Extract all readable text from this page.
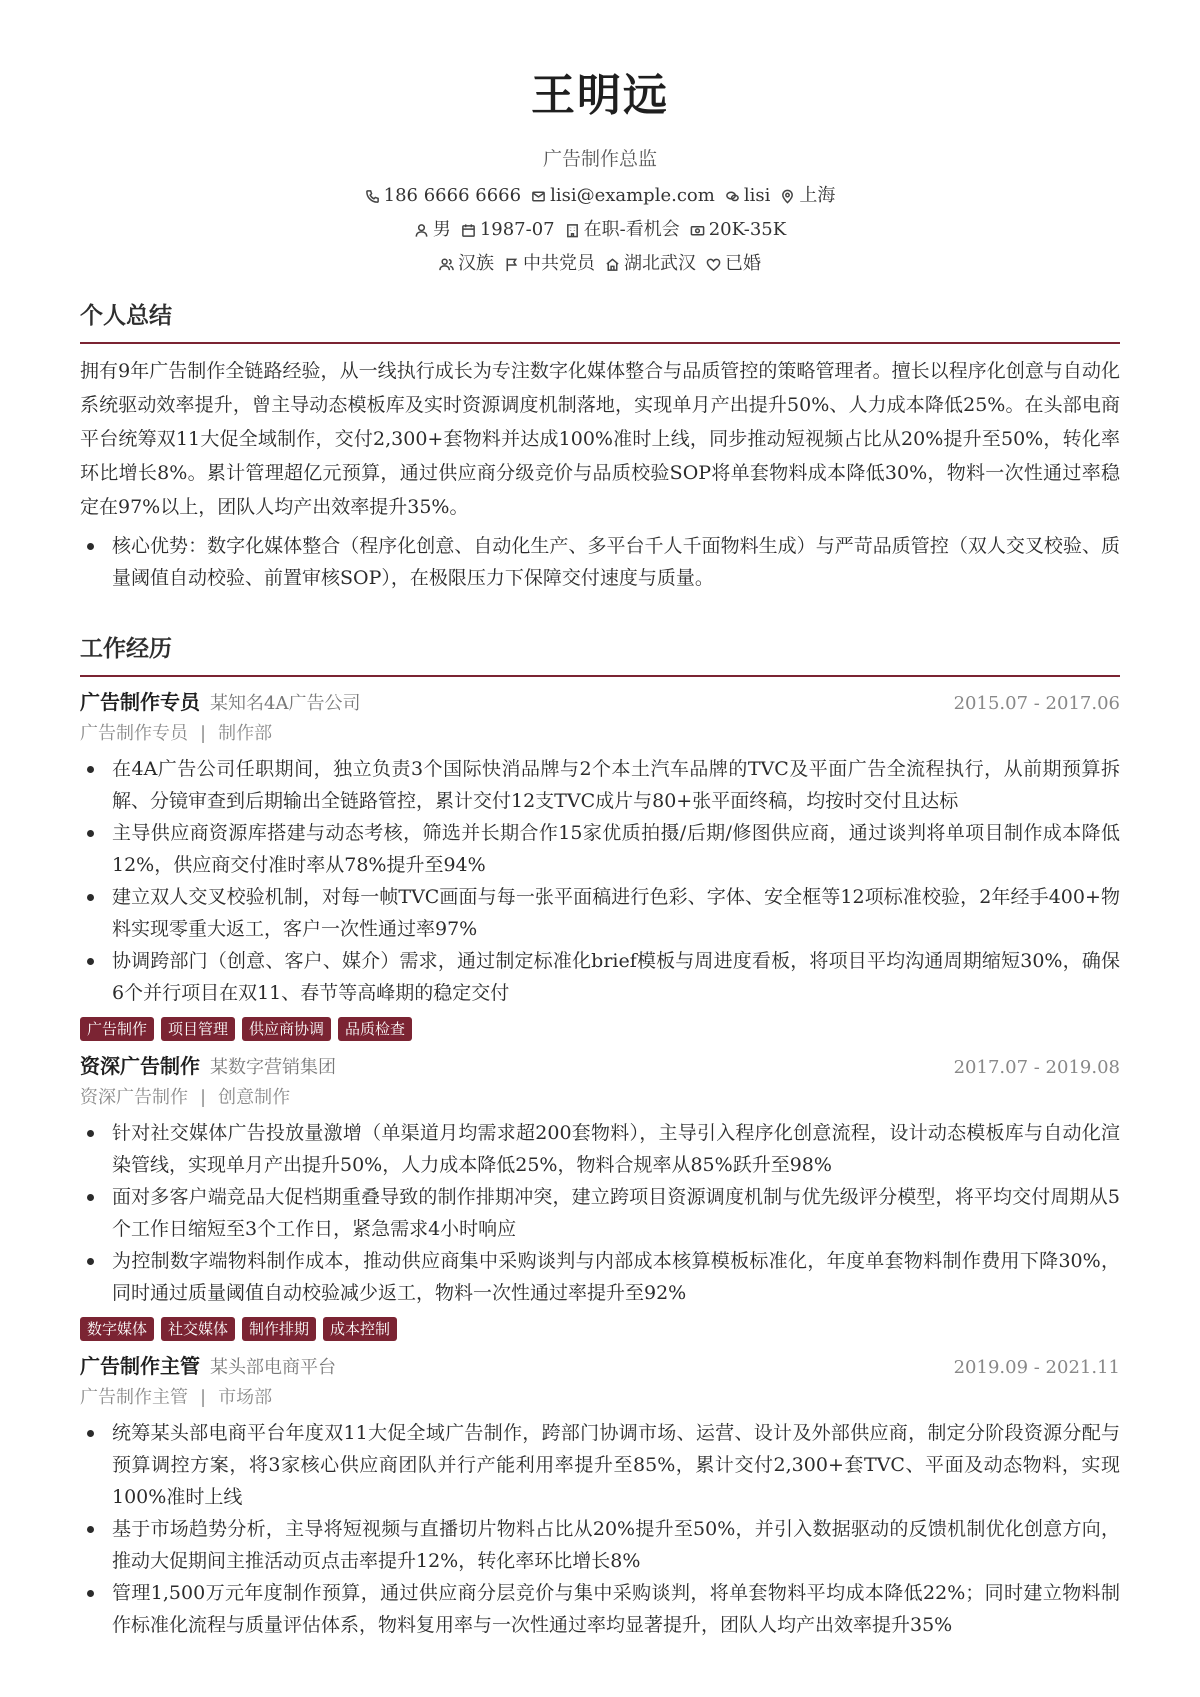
王明远
广告制作总监
186 6666 6666 lisi@example.com lisi 上海
男 1987-07 在职-看机会 20K-35K
汉族 中共党员 湖北武汉 已婚
个人总结

拥有9年广告制作全链路经验，从一线执行成长为专注数字化媒体整合与品质管控的策略管理者。擅长以程序化创意与自动化系统驱动效率提升，曾主导动态模板库及实时资源调度机制落地，实现单月产出提升50%、人力成本降低25%。在头部电商平台统筹双11大促全域制作，交付2,300+套物料并达成100%准时上线，同步推动短视频占比从20%提升至50%，转化率环比增长8%。累计管理超亿元预算，通过供应商分级竞价与品质校验SOP将单套物料成本降低30%，物料一次性通过率稳定在97%以上，团队人均产出效率提升35%。

核心优势：数字化媒体整合（程序化创意、自动化生产、多平台千人千面物料生成）与严苛品质管控（双人交叉校验、质量阈值自动校验、前置审核SOP），在极限压力下保障交付速度与质量。
工作经历
广告制作专员 某知名4A广告公司	2015.07 - 2017.06
广告制作专员 | 制作部
在4A广告公司任职期间，独立负责3个国际快消品牌与2个本土汽车品牌的TVC及平面广告全流程执行，从前期预算拆解、分镜审查到后期输出全链路管控，累计交付12支TVC成片与80+张平面终稿，均按时交付且达标
主导供应商资源库搭建与动态考核，筛选并长期合作15家优质拍摄/后期/修图供应商，通过谈判将单项目制作成本降低12%，供应商交付准时率从78%提升至94%
建立双人交叉校验机制，对每一帧TVC画面与每一张平面稿进行色彩、字体、安全框等12项标准校验，2年经手400+物料实现零重大返工，客户一次性通过率97%
协调跨部门（创意、客户、媒介）需求，通过制定标准化brief模板与周进度看板，将项目平均沟通周期缩短30%，确保6个并行项目在双11、春节等高峰期的稳定交付
广告制作	项目管理	供应商协调	品质检查
资深广告制作 某数字营销集团	2017.07 - 2019.08
资深广告制作 | 创意制作
针对社交媒体广告投放量激增（单渠道月均需求超200套物料），主导引入程序化创意流程，设计动态模板库与自动化渲染管线，实现单月产出提升50%，人力成本降低25%，物料合规率从85%跃升至98%
面对多客户端竞品大促档期重叠导致的制作排期冲突，建立跨项目资源调度机制与优先级评分模型，将平均交付周期从5个工作日缩短至3个工作日，紧急需求4小时响应
为控制数字端物料制作成本，推动供应商集中采购谈判与内部成本核算模板标准化，年度单套物料制作费用下降30%，同时通过质量阈值自动校验减少返工，物料一次性通过率提升至92%
数字媒体	社交媒体	制作排期	成本控制
广告制作主管 某头部电商平台	2019.09 - 2021.11
广告制作主管 | 市场部
统筹某头部电商平台年度双11大促全域广告制作，跨部门协调市场、运营、设计及外部供应商，制定分阶段资源分配与预算调控方案，将3家核心供应商团队并行产能利用率提升至85%，累计交付2,300+套TVC、平面及动态物料，实现100%准时上线
基于市场趋势分析，主导将短视频与直播切片物料占比从20%提升至50%，并引入数据驱动的反馈机制优化创意方向，推动大促期间主推活动页点击率提升12%，转化率环比增长8%
管理1,500万元年度制作预算，通过供应商分层竞价与集中采购谈判，将单套物料平均成本降低22%；同时建立物料制作标准化流程与质量评估体系，物料复用率与一次性通过率均显著提升，团队人均产出效率提升35%
